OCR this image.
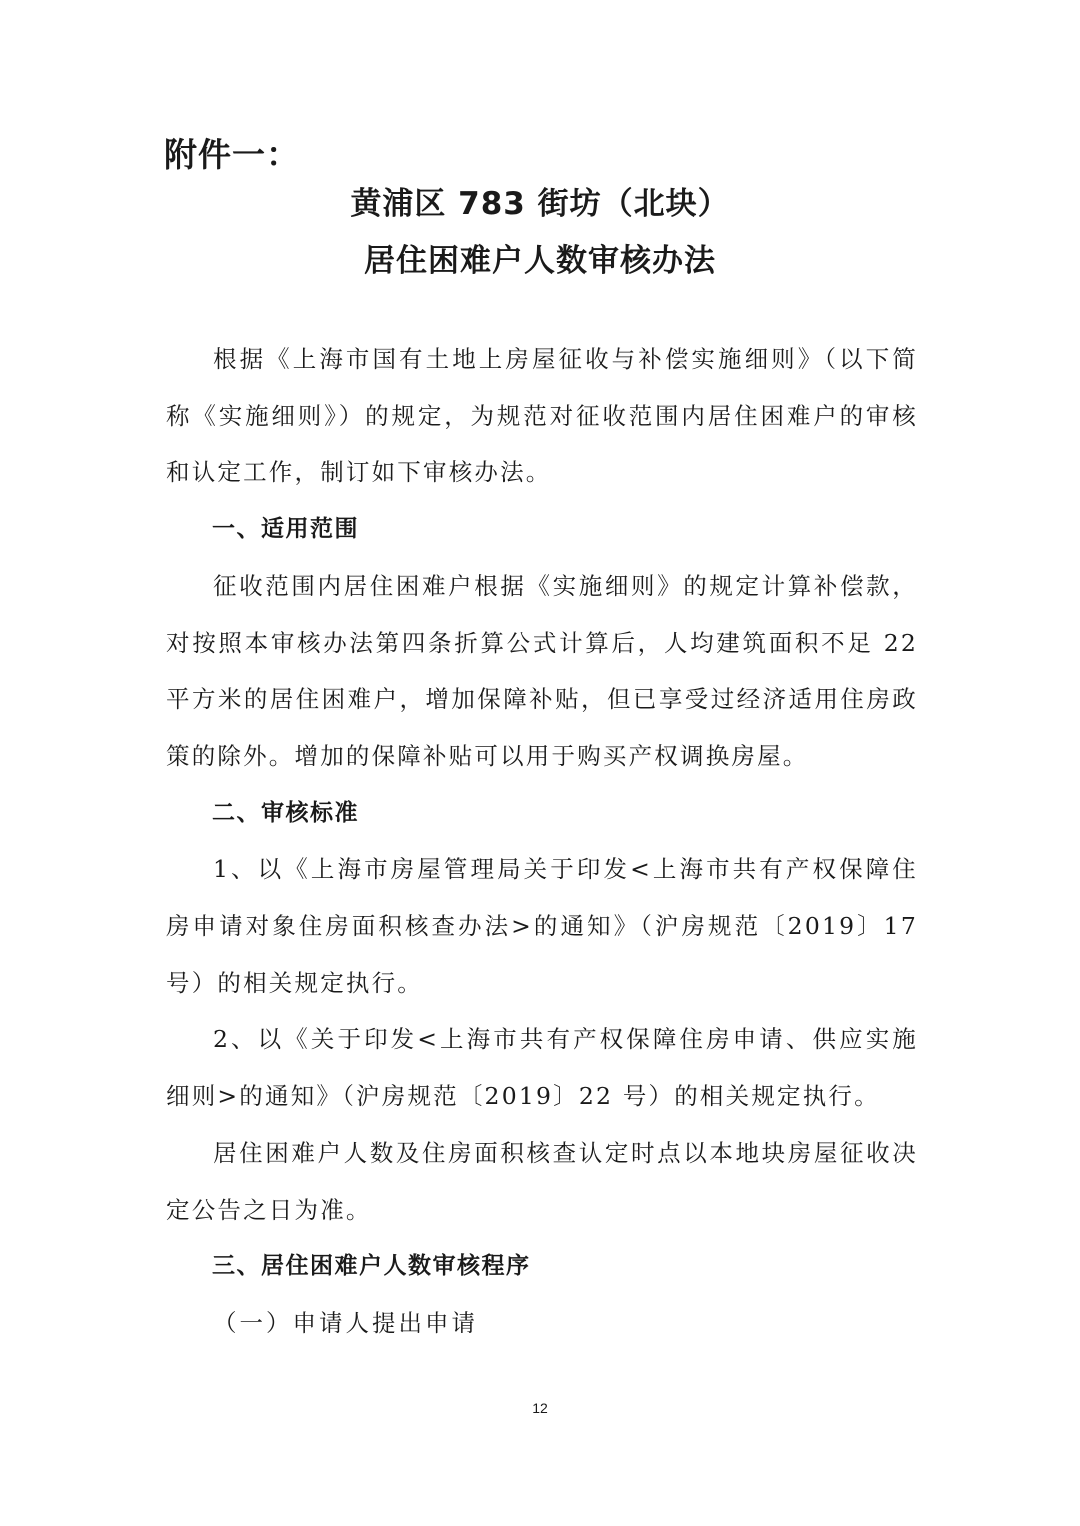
附件一：
黄浦区 783 街坊（北块）
居住困难户人数审核办法

根据《上海市国有土地上房屋征收与补偿实施细则》（以下简称《实施细则》）的规定，为规范对征收范围内居住困难户的审核和认定工作，制订如下审核办法。

一、适用范围

征收范围内居住困难户根据《实施细则》的规定计算补偿款，对按照本审核办法第四条折算公式计算后，人均建筑面积不足 22 平方米的居住困难户，增加保障补贴，但已享受过经济适用住房政策的除外。增加的保障补贴可以用于购买产权调换房屋。

二、审核标准

1、以《上海市房屋管理局关于印发<上海市共有产权保障住房申请对象住房面积核查办法>的通知》（沪房规范〔2019〕17 号）的相关规定执行。

2、以《关于印发<上海市共有产权保障住房申请、供应实施细则>的通知》（沪房规范〔2019〕22 号）的相关规定执行。

居住困难户人数及住房面积核查认定时点以本地块房屋征收决定公告之日为准。

三、居住困难户人数审核程序

（一）申请人提出申请

12
